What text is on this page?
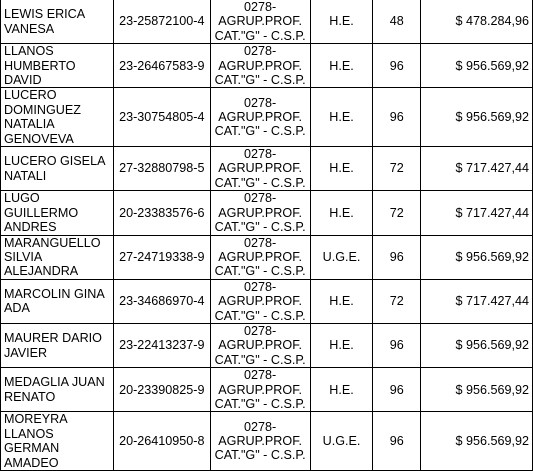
LEWIS ERICA
VANESA	23-25872100-4	0278-
AGRUP.PROF.
CAT."G" - C.S.P.	H.E.	48	$ 478.284,96
LLANOS
HUMBERTO
DAVID	23-26467583-9	0278-
AGRUP.PROF.
CAT."G" - C.S.P.	H.E.	96	$ 956.569,92
LUCERO
DOMINGUEZ
NATALIA
GENOVEVA	23-30754805-4	0278-
AGRUP.PROF.
CAT."G" - C.S.P.	H.E.	96	$ 956.569,92
LUCERO GISELA
NATALI	27-32880798-5	0278-
AGRUP.PROF.
CAT."G" - C.S.P.	H.E.	72	$ 717.427,44
LUGO
GUILLERMO
ANDRES	20-23383576-6	0278-
AGRUP.PROF.
CAT."G" - C.S.P.	H.E.	72	$ 717.427,44
MARANGUELLO
SILVIA
ALEJANDRA	27-24719338-9	0278-
AGRUP.PROF.
CAT."G" - C.S.P.	U.G.E.	96	$ 956.569,92
MARCOLIN GINA
ADA	23-34686970-4	0278-
AGRUP.PROF.
CAT."G" - C.S.P.	H.E.	72	$ 717.427,44
MAURER DARIO
JAVIER	23-22413237-9	0278-
AGRUP.PROF.
CAT."G" - C.S.P.	H.E.	96	$ 956.569,92
MEDAGLIA JUAN
RENATO	20-23390825-9	0278-
AGRUP.PROF.
CAT."G" - C.S.P.	H.E.	96	$ 956.569,92
MOREYRA
LLANOS
GERMAN
AMADEO	20-26410950-8	0278-
AGRUP.PROF.
CAT."G" - C.S.P.	U.G.E.	96	$ 956.569,92
